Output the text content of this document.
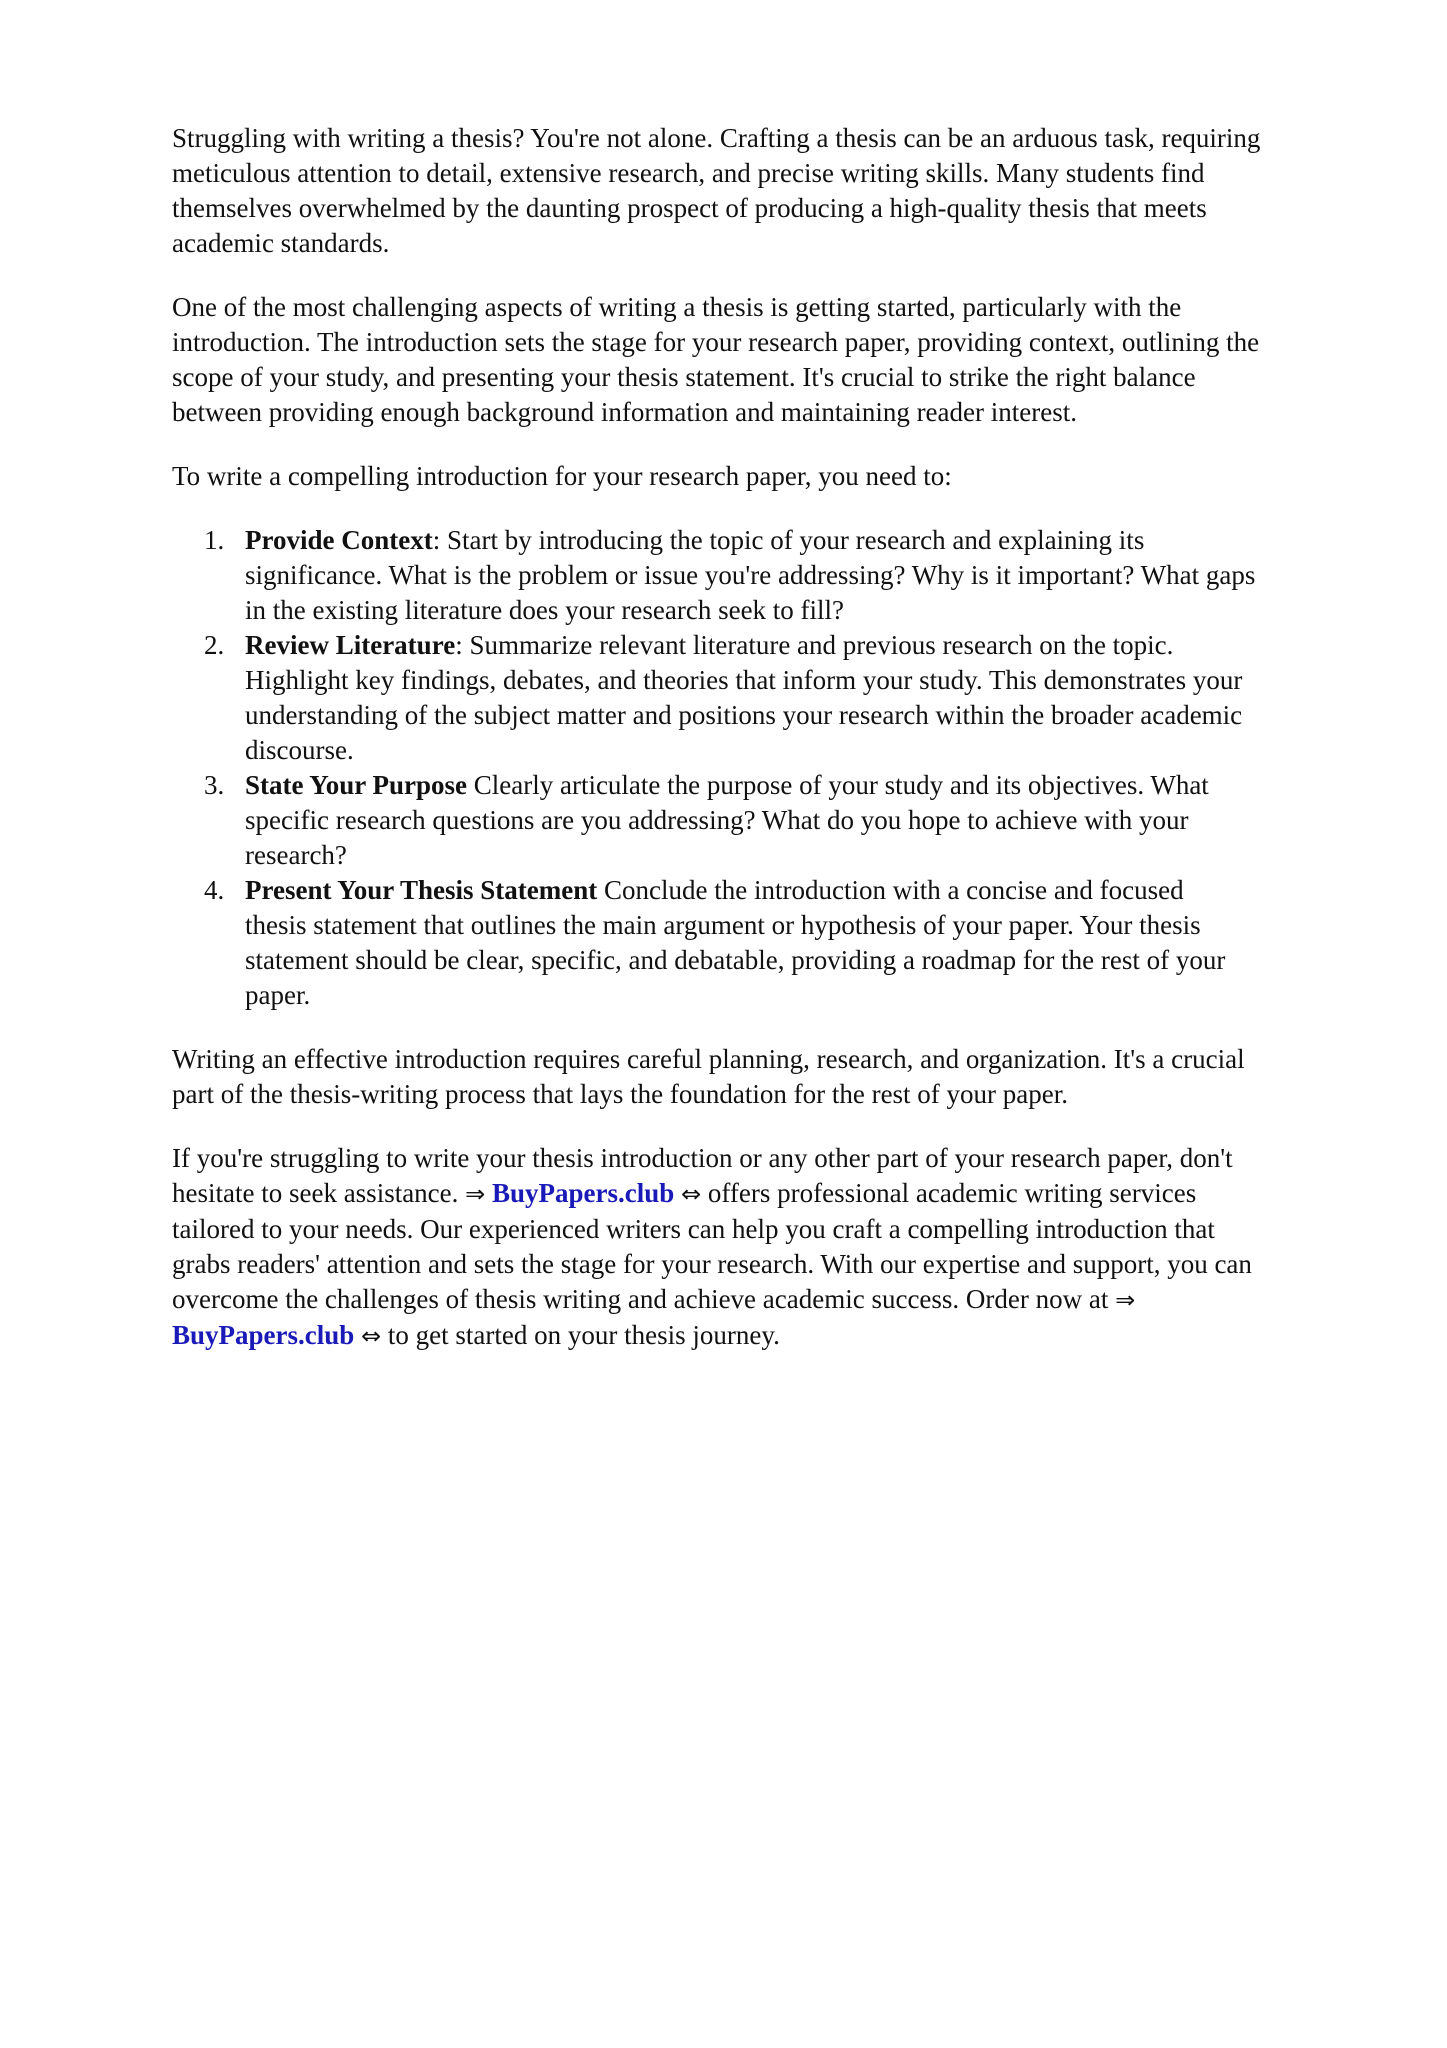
Struggling with writing a thesis? You're not alone. Crafting a thesis can be an arduous task, requiring
meticulous attention to detail, extensive research, and precise writing skills. Many students find
themselves overwhelmed by the daunting prospect of producing a high-quality thesis that meets
academic standards.

One of the most challenging aspects of writing a thesis is getting started, particularly with the
introduction. The introduction sets the stage for your research paper, providing context, outlining the
scope of your study, and presenting your thesis statement. It's crucial to strike the right balance
between providing enough background information and maintaining reader interest.

To write a compelling introduction for your research paper, you need to:

1. Provide Context: Start by introducing the topic of your research and explaining its
significance. What is the problem or issue you're addressing? Why is it important? What gaps
in the existing literature does your research seek to fill?
2. Review Literature: Summarize relevant literature and previous research on the topic.
Highlight key findings, debates, and theories that inform your study. This demonstrates your
understanding of the subject matter and positions your research within the broader academic
discourse.
3. State Your Purpose Clearly articulate the purpose of your study and its objectives. What
specific research questions are you addressing? What do you hope to achieve with your
research?
4. Present Your Thesis Statement Conclude the introduction with a concise and focused
thesis statement that outlines the main argument or hypothesis of your paper. Your thesis
statement should be clear, specific, and debatable, providing a roadmap for the rest of your
paper.

Writing an effective introduction requires careful planning, research, and organization. It's a crucial
part of the thesis-writing process that lays the foundation for the rest of your paper.

If you're struggling to write your thesis introduction or any other part of your research paper, don't
hesitate to seek assistance. ⇒ BuyPapers.club ⇔ offers professional academic writing services
tailored to your needs. Our experienced writers can help you craft a compelling introduction that
grabs readers' attention and sets the stage for your research. With our expertise and support, you can
overcome the challenges of thesis writing and achieve academic success. Order now at ⇒
BuyPapers.club ⇔ to get started on your thesis journey.
